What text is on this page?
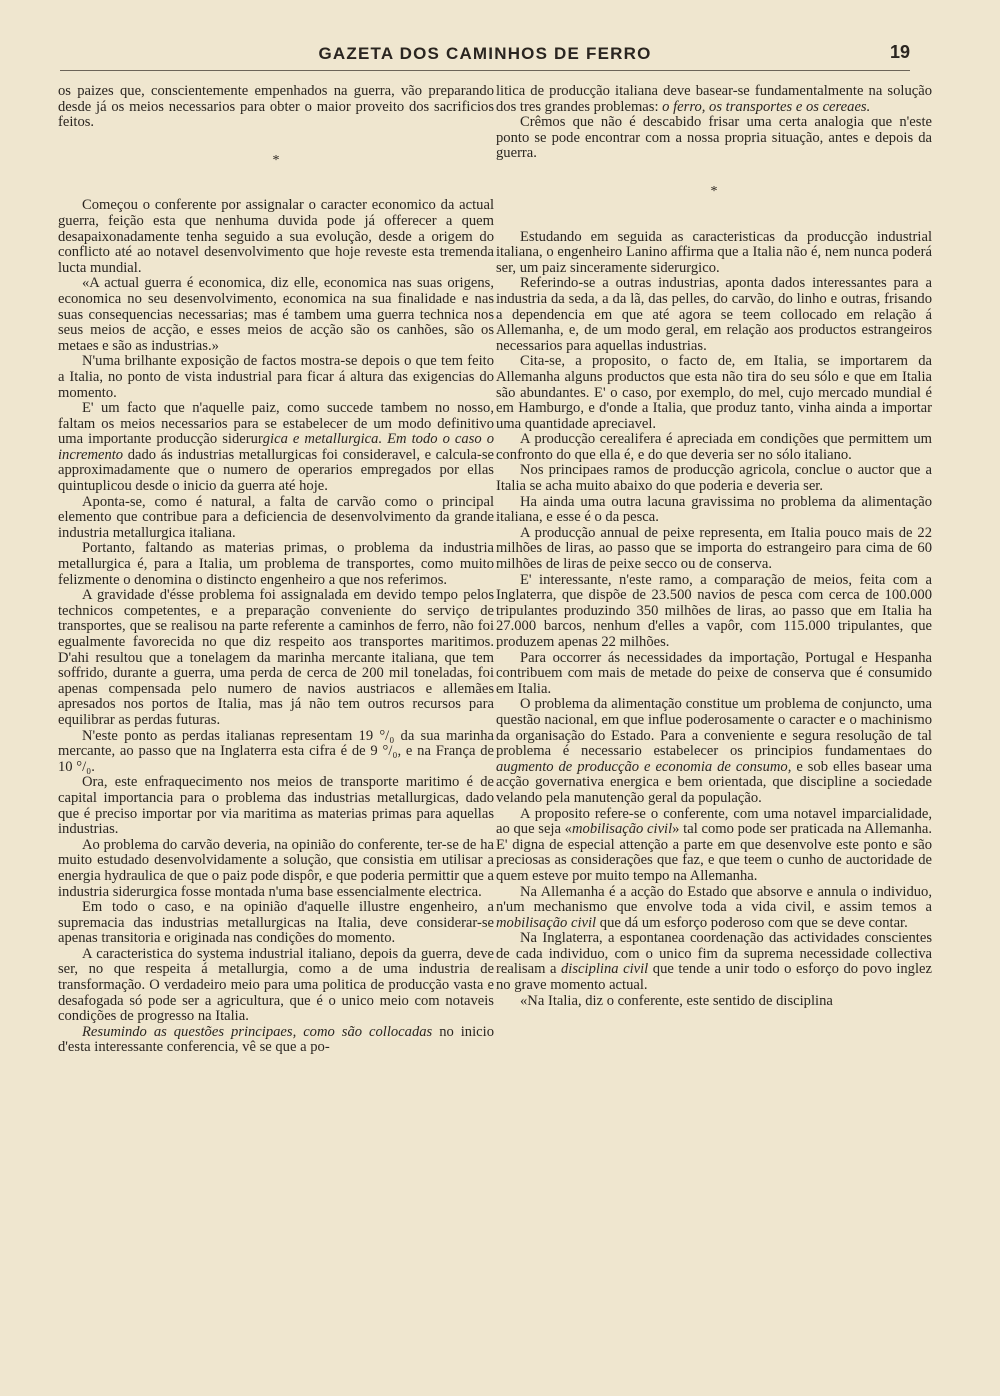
GAZETA DOS CAMINHOS DE FERRO	19

os paizes que, conscientemente empenhados na guerra, vão preparando desde já os meios necessarios para obter o maior proveito dos sacrificios feitos.

*

Começou o conferente por assignalar o caracter economico da actual guerra, feição esta que nenhuma duvida pode já offerecer a quem desapaixonadamente tenha seguido a sua evolução, desde a origem do conflicto até ao notavel desenvolvimento que hoje reveste esta tremenda lucta mundial.

«A actual guerra é economica, diz elle, economica nas suas origens, economica no seu desenvolvimento, economica na sua finalidade e nas suas consequencias necessarias; mas é tambem uma guerra technica nos seus meios de acção, e esses meios de acção são os canhões, são os metaes e são as industrias.»

N'uma brilhante exposição de factos mostra-se depois o que tem feito a Italia, no ponto de vista industrial para ficar á altura das exigencias do momento.

E' um facto que n'aquelle paiz, como succede tambem no nosso, faltam os meios necessarios para se estabelecer de um modo definitivo uma importante producção siderurgica e metallurgica. Em todo o caso o incremento dado ás industrias metallurgicas foi consideravel, e calcula-se approximadamente que o numero de operarios empregados por ellas quintuplicou desde o inicio da guerra até hoje.

Aponta-se, como é natural, a falta de carvão como o principal elemento que contribue para a deficiencia de desenvolvimento da grande industria metallurgica italiana.

Portanto, faltando as materias primas, o problema da industria metallurgica é, para a Italia, um problema de transportes, como muito felizmente o denomina o distincto engenheiro a que nos referimos.

A gravidade d'ésse problema foi assignalada em devido tempo pelos technicos competentes, e a preparação conveniente do serviço de transportes, que se realisou na parte referente a caminhos de ferro, não foi egualmente favorecida no que diz respeito aos transportes maritimos. D'ahi resultou que a tonelagem da marinha mercante italiana, que tem soffrido, durante a guerra, uma perda de cerca de 200 mil toneladas, foi apenas compensada pelo numero de navios austriacos e allemães apresados nos portos de Italia, mas já não tem outros recursos para equilibrar as perdas futuras.

N'este ponto as perdas italianas representam 19 °/₀ da sua marinha mercante, ao passo que na Inglaterra esta cifra é de 9 °/₀, e na França de 10 °/₀.

Ora, este enfraquecimento nos meios de transporte maritimo é de capital importancia para o problema das industrias metallurgicas, dado que é preciso importar por via maritima as materias primas para aquellas industrias.

Ao problema do carvão deveria, na opinião do conferente, ter-se de ha muito estudado desenvolvidamente a solução, que consistia em utilisar a energia hydraulica de que o paiz pode dispôr, e que poderia permittir que a industria siderurgica fosse montada n'uma base essencialmente electrica.

Em todo o caso, e na opinião d'aquelle illustre engenheiro, a supremacia das industrias metallurgicas na Italia, deve considerar-se apenas transitoria e originada nas condições do momento.

A caracteristica do systema industrial italiano, depois da guerra, deve ser, no que respeita á metallurgia, como a de uma industria de transformação. O verdadeiro meio para uma politica de producção vasta e desafogada só pode ser a agricultura, que é o unico meio com notaveis condições de progresso na Italia.

Resumindo as questões principaes, como são collocadas no inicio d'esta interessante conferencia, vê se que a po-

litica de producção italiana deve basear-se fundamentalmente na solução dos tres grandes problemas: o ferro, os transportes e os cereaes.

Crêmos que não é descabido frisar uma certa analogia que n'este ponto se pode encontrar com a nossa propria situação, antes e depois da guerra.

*

Estudando em seguida as caracteristicas da producção industrial italiana, o engenheiro Lanino affirma que a Italia não é, nem nunca poderá ser, um paiz sinceramente siderurgico.

Referindo-se a outras industrias, aponta dados interessantes para a industria da seda, a da lã, das pelles, do carvão, do linho e outras, frisando a dependencia em que até agora se teem collocado em relação á Allemanha, e, de um modo geral, em relação aos productos estrangeiros necessarios para aquellas industrias.

Cita-se, a proposito, o facto de, em Italia, se importarem da Allemanha alguns productos que esta não tira do seu sólo e que em Italia são abundantes. E' o caso, por exemplo, do mel, cujo mercado mundial é em Hamburgo, e d'onde a Italia, que produz tanto, vinha ainda a importar uma quantidade apreciavel.

A producção cerealifera é apreciada em condições que permittem um confronto do que ella é, e do que deveria ser no sólo italiano.

Nos principaes ramos de producção agricola, conclue o auctor que a Italia se acha muito abaixo do que poderia e deveria ser.

Ha ainda uma outra lacuna gravissima no problema da alimentação italiana, e esse é o da pesca.

A producção annual de peixe representa, em Italia pouco mais de 22 milhões de liras, ao passo que se importa do estrangeiro para cima de 60 milhões de liras de peixe secco ou de conserva.

E' interessante, n'este ramo, a comparação de meios, feita com a Inglaterra, que dispõe de 23.500 navios de pesca com cerca de 100.000 tripulantes produzindo 350 milhões de liras, ao passo que em Italia ha 27.000 barcos, nenhum d'elles a vapôr, com 115.000 tripulantes, que produzem apenas 22 milhões.

Para occorrer ás necessidades da importação, Portugal e Hespanha contribuem com mais de metade do peixe de conserva que é consumido em Italia.

O problema da alimentação constitue um problema de conjuncto, uma questão nacional, em que influe poderosamente o caracter e o machinismo da organisação do Estado. Para a conveniente e segura resolução de tal problema é necessario estabelecer os principios fundamentaes do augmento de producção e economia de consumo, e sob elles basear uma acção governativa energica e bem orientada, que discipline a sociedade velando pela manutenção geral da população.

A proposito refere-se o conferente, com uma notavel imparcialidade, ao que seja «mobilisação civil» tal como pode ser praticada na Allemanha. E' digna de especial attenção a parte em que desenvolve este ponto e são preciosas as considerações que faz, e que teem o cunho de auctoridade de quem esteve por muito tempo na Allemanha.

Na Allemanha é a acção do Estado que absorve e annula o individuo, n'um mechanismo que envolve toda a vida civil, e assim temos a mobilisação civil que dá um esforço poderoso com que se deve contar.

Na Inglaterra, a espontanea coordenação das actividades conscientes de cada individuo, com o unico fim da suprema necessidade collectiva realisam a disciplina civil que tende a unir todo o esforço do povo inglez no grave momento actual.

«Na Italia, diz o conferente, este sentido de disciplina
